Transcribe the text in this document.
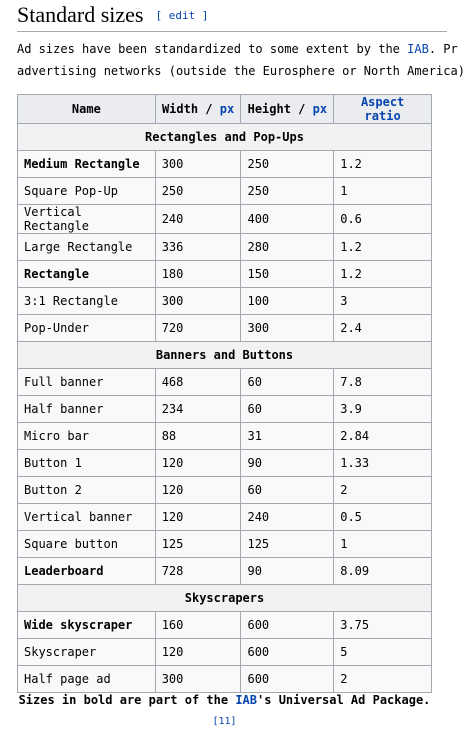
Standard sizes [ edit ]

Ad sizes have been standardized to some extent by the IAB. Pr

advertising networks (outside the Eurosphere or North America)

Name	Width / px	Height / px	Aspect ratio
Rectangles and Pop-Ups			
Medium Rectangle	300	250	1.2
Square Pop-Up	250	250	1
Vertical Rectangle	240	400	0.6
Large Rectangle	336	280	1.2
Rectangle	180	150	1.2
3:1 Rectangle	300	100	3
Pop-Under	720	300	2.4
Banners and Buttons			
Full banner	468	60	7.8
Half banner	234	60	3.9
Micro bar	88	31	2.84
Button 1	120	90	1.33
Button 2	120	60	2
Vertical banner	120	240	0.5
Square button	125	125	1
Leaderboard	728	90	8.09
Skyscrapers			
Wide skyscraper	160	600	3.75
Skyscraper	120	600	5
Half page ad	300	600	2
Sizes in bold are part of the IAB's Universal Ad Package.[11]
